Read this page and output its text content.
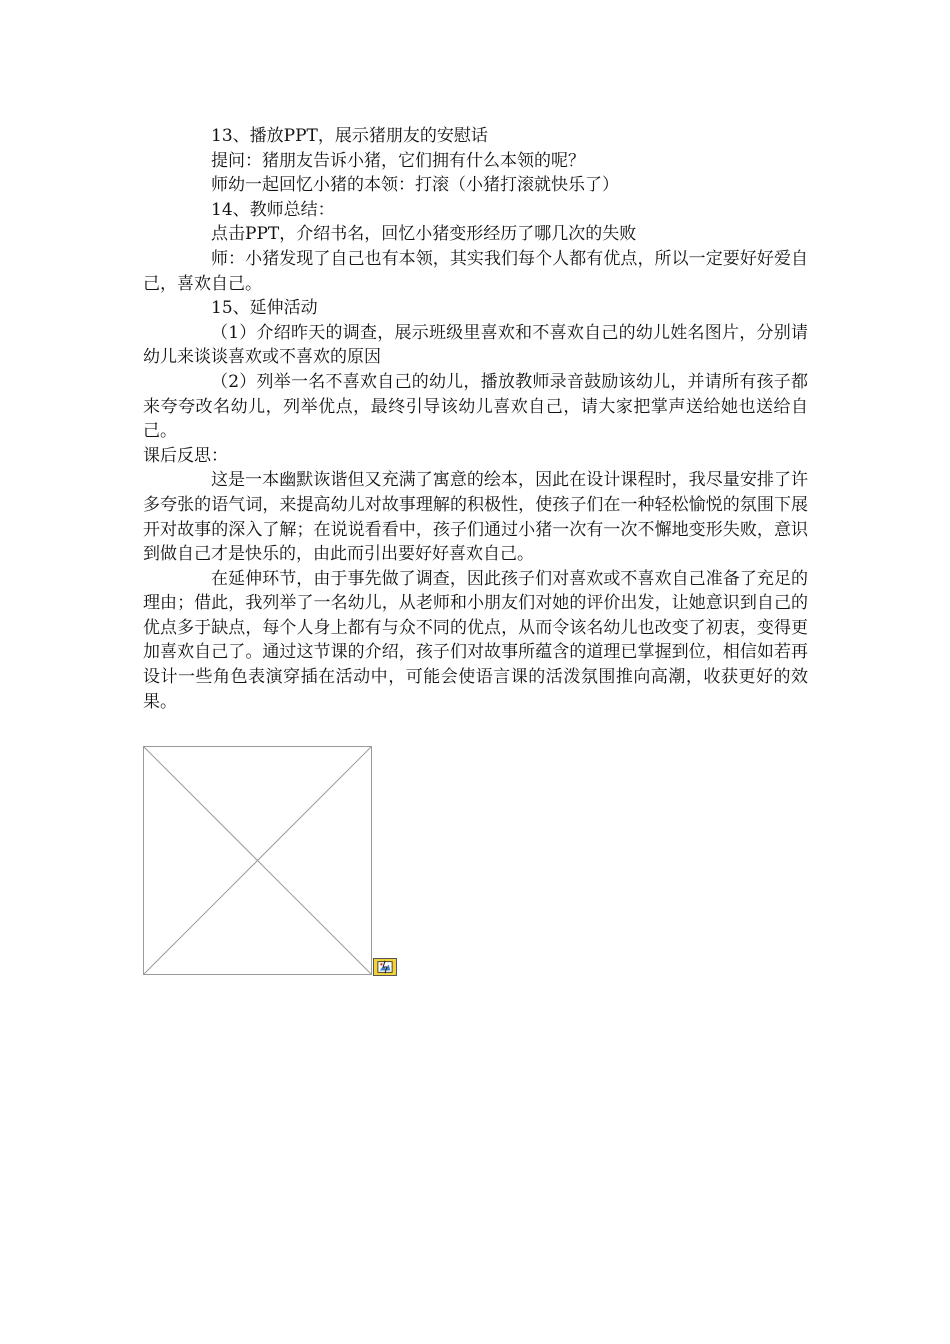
13、播放PPT，展示猪朋友的安慰话

提问：猪朋友告诉小猪，它们拥有什么本领的呢？

师幼一起回忆小猪的本领：打滚（小猪打滚就快乐了）

14、教师总结：

点击PPT，介绍书名，回忆小猪变形经历了哪几次的失败

师：小猪发现了自己也有本领，其实我们每个人都有优点，所以一定要好好爱自己，喜欢自己。

15、延伸活动

（1）介绍昨天的调查，展示班级里喜欢和不喜欢自己的幼儿姓名图片，分别请幼儿来谈谈喜欢或不喜欢的原因

（2）列举一名不喜欢自己的幼儿，播放教师录音鼓励该幼儿，并请所有孩子都来夸夸改名幼儿，列举优点，最终引导该幼儿喜欢自己，请大家把掌声送给她也送给自己。

课后反思：

这是一本幽默诙谐但又充满了寓意的绘本，因此在设计课程时，我尽量安排了许多夸张的语气词，来提高幼儿对故事理解的积极性，使孩子们在一种轻松愉悦的氛围下展开对故事的深入了解；在说说看看中，孩子们通过小猪一次有一次不懈地变形失败，意识到做自己才是快乐的，由此而引出要好好喜欢自己。

在延伸环节，由于事先做了调查，因此孩子们对喜欢或不喜欢自己准备了充足的理由；借此，我列举了一名幼儿，从老师和小朋友们对她的评价出发，让她意识到自己的优点多于缺点，每个人身上都有与众不同的优点，从而令该名幼儿也改变了初衷，变得更加喜欢自己了。通过这节课的介绍，孩子们对故事所蕴含的道理已掌握到位，相信如若再设计一些角色表演穿插在活动中，可能会使语言课的活泼氛围推向高潮，收获更好的效果。
